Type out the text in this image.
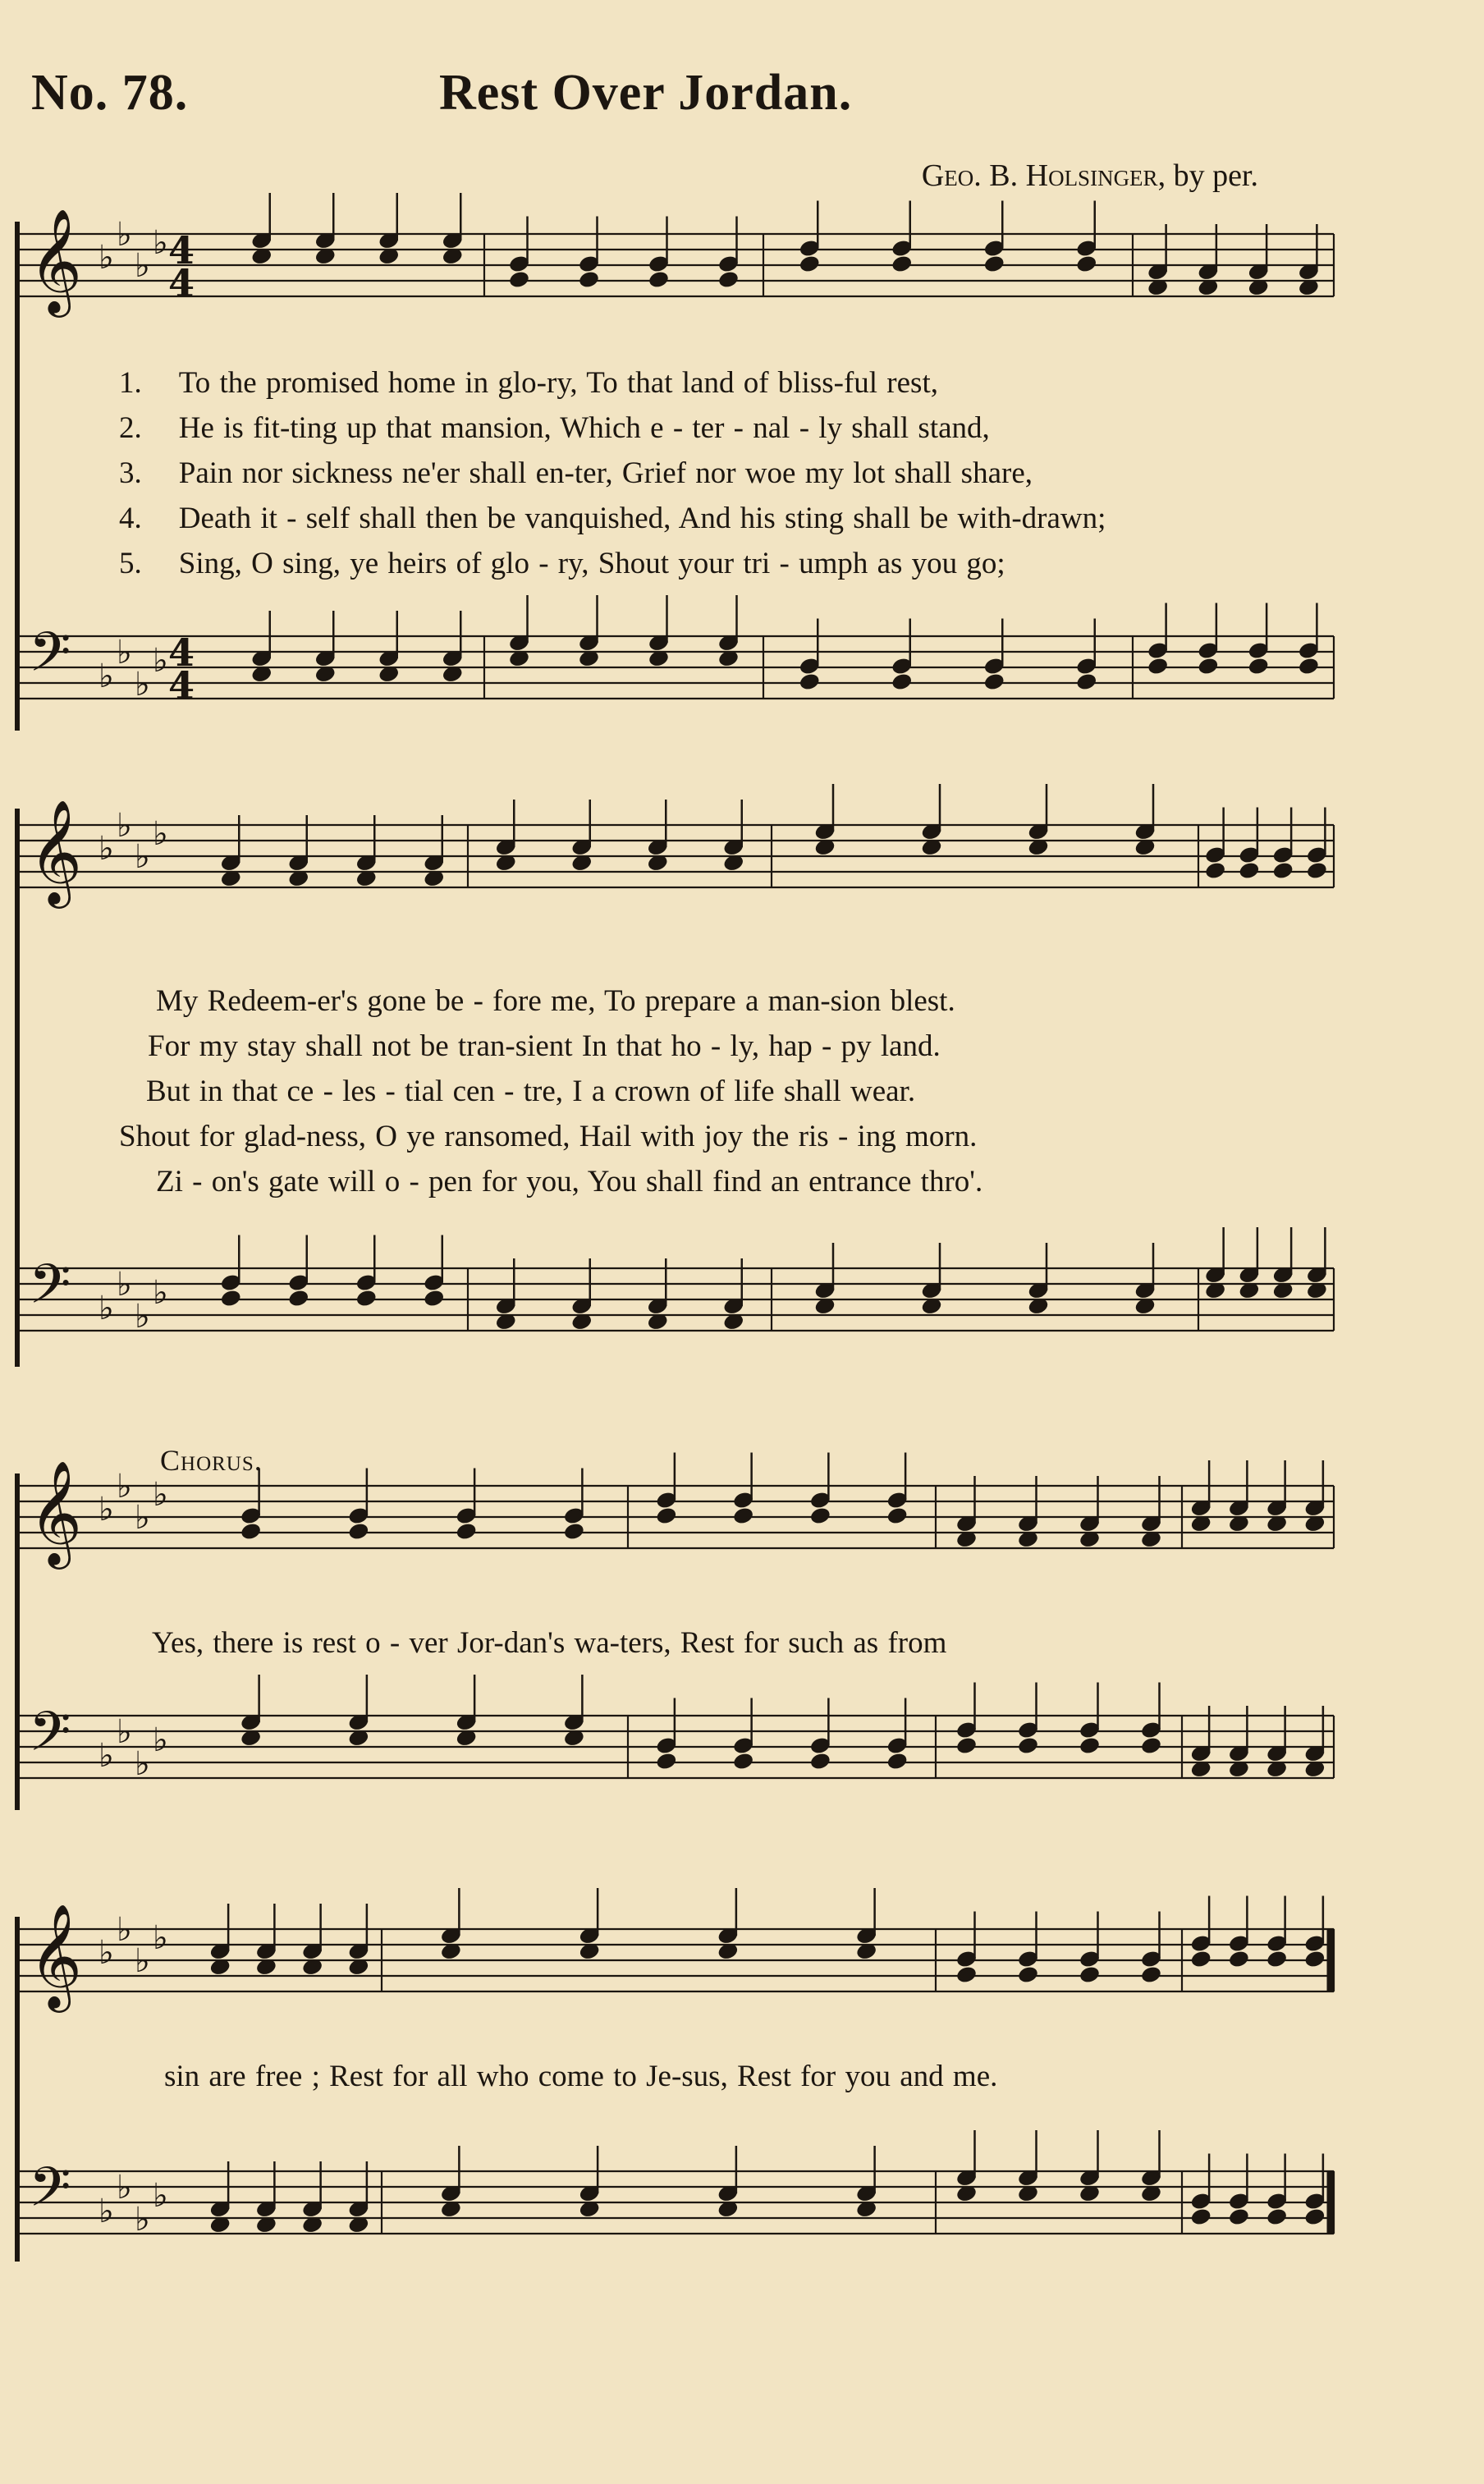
No. 78.	Rest Over Jordan.
Geo. B. Holsinger, by per.
𝄞 ♭
♭
♭
♭ 4
4
𝄢 ♭
♭
♭
♭ 4
4
𝄞 ♭
♭
♭
♭
𝄢 ♭
♭
♭
♭
𝄞 ♭
♭
♭
♭
𝄢 ♭
♭
♭
♭
𝄞 ♭
♭
♭
♭
𝄢 ♭
♭
♭
♭
1. To the promised home in glo-ry, To that land of bliss-ful rest,
2. He is fit-ting up that mansion, Which e - ter - nal - ly shall stand,
3. Pain nor sickness ne'er shall en-ter, Grief nor woe my lot shall share,
4. Death it - self shall then be vanquished, And his sting shall be with-drawn;
5. Sing, O sing, ye heirs of glo - ry, Shout your tri - umph as you go;
My Redeem-er's gone be - fore me, To prepare a man-sion blest.
For my stay shall not be tran-sient In that ho - ly, hap - py land.
But in that ce - les - tial cen - tre, I a crown of life shall wear.
Shout for glad-ness, O ye ransomed, Hail with joy the ris - ing morn.
Zi - on's gate will o - pen for you, You shall find an entrance thro'.
Chorus.
Yes, there is rest o - ver Jor-dan's wa-ters, Rest for such as from
sin are free ; Rest for all who come to Je-sus, Rest for you and me.
